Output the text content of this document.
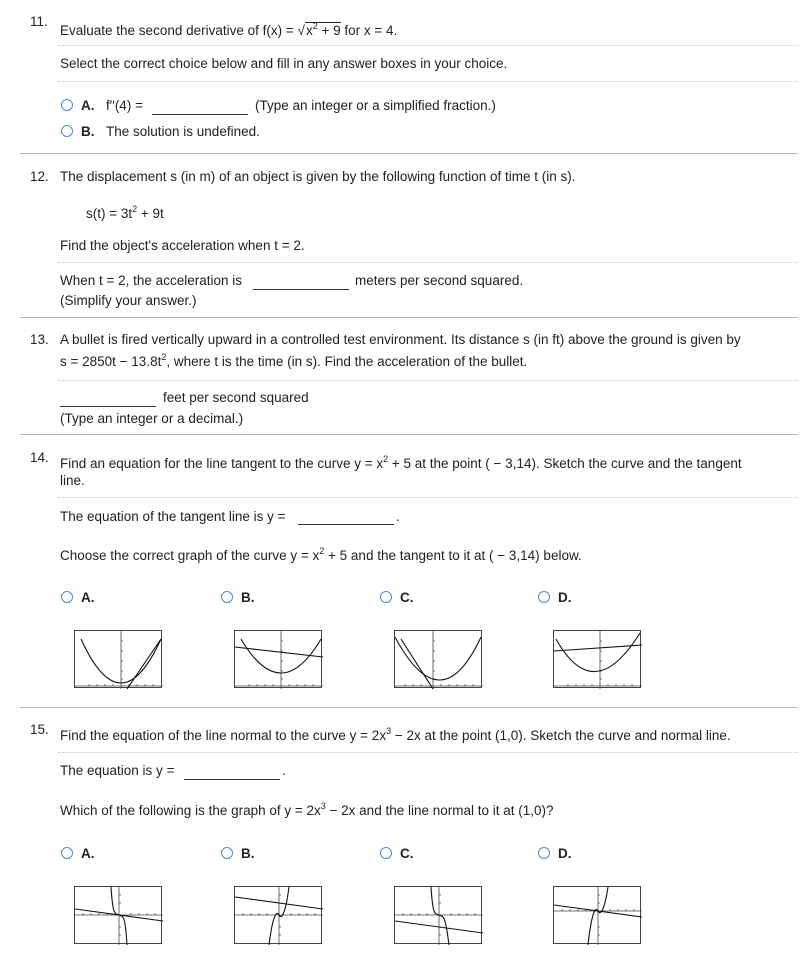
11.
Evaluate the second derivative of $f(x) = √x^2 + 9$ for x = 4.
Select the correct choice below and fill in any answer boxes in your choice.
A. f′′(4) =	(Type an integer or a simplified fraction.)
B. The solution is undefined.
12. The displacement s (in m) of an object is given by the following function of time t (in s).
$s(t) = 3t^2 + 9t$
Find the object's acceleration when t = 2.
When t = 2, the acceleration is	meters per second squared.
(Simplify your answer.)
13. A bullet is fired vertically upward in a controlled test environment. Its distance s (in ft) above the ground is given by
$s = 2850t - 13.8t^2$, where t is the time (in s). Find the acceleration of the bullet.
feet per second squared
(Type an integer or a decimal.)
14. Find an equation for the line tangent to the curve $y = x^2 + 5$ at the point ( − 3,14). Sketch the curve and the tangent
line.
The equation of the tangent line is y =	.
Choose the correct graph of the curve $y = x^2 + 5$ and the tangent to it at ( − 3,14) below.
A.	B.	C.	D.
15. Find the equation of the line normal to the curve $y = 2x^3 - 2x$ at the point (1,0). Sketch the curve and normal line.
The equation is y =	.
Which of the following is the graph of $y = 2x^3 - 2x$ and the line normal to it at (1,0)?
A.	B.	C.	D.
